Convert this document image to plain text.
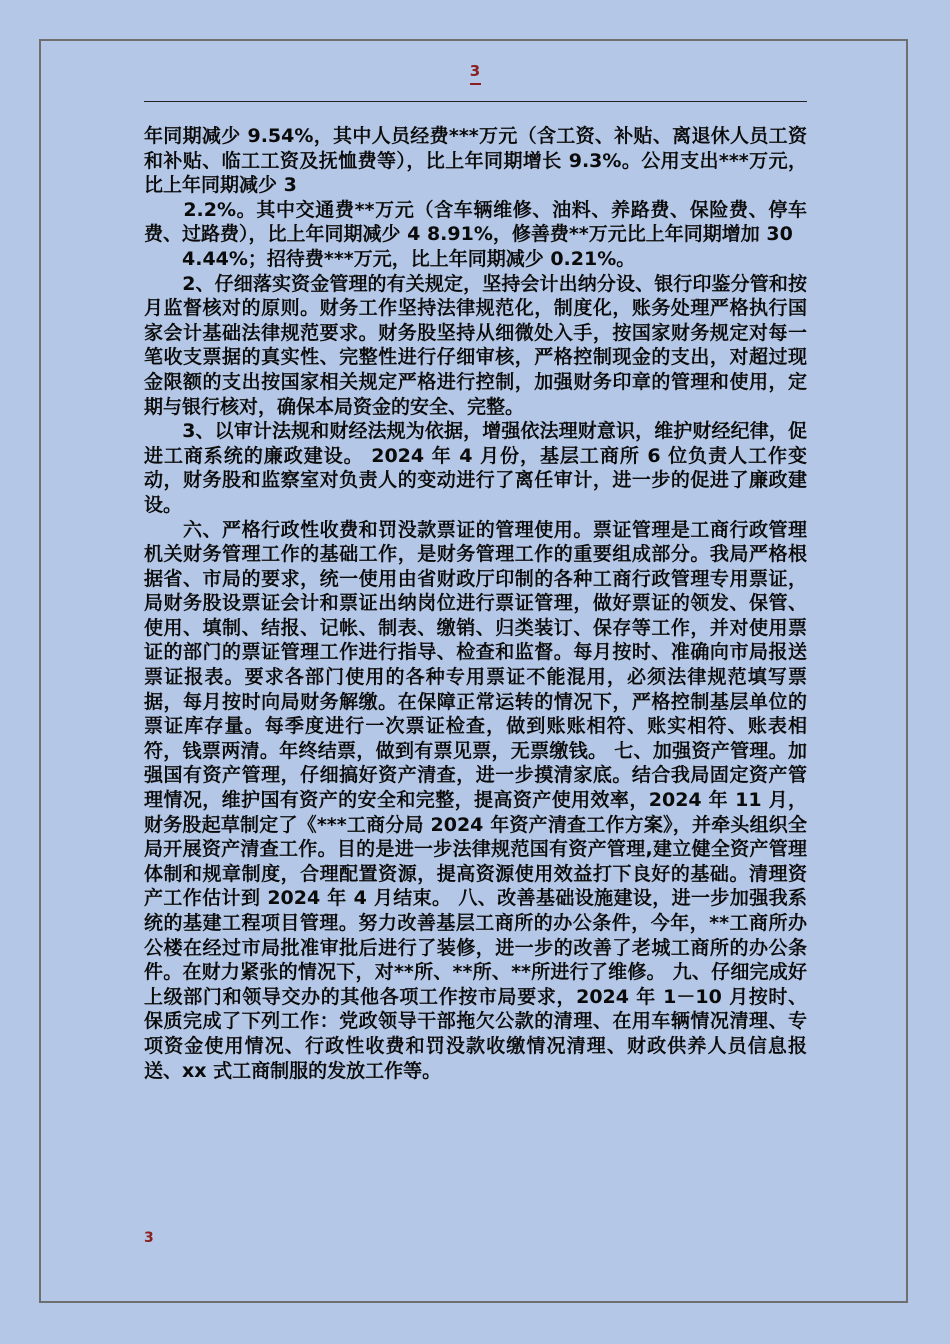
3

年同期减少 9.54%，其中人员经费***万元（含工资、补贴、离退休人员工资和补贴、临工工资及抚恤费等），比上年同期增长 9.3%。公用支出***万元，比上年同期减少 3

　　2.2%。其中交通费**万元（含车辆维修、油料、养路费、保险费、停车费、过路费），比上年同期减少 4 8.91%，修善费**万元比上年同期增加 30

　　4.44%；招待费***万元，比上年同期减少 0.21%。

　　2、仔细落实资金管理的有关规定，坚持会计出纳分设、银行印鉴分管和按月监督核对的原则。财务工作坚持法律规范化，制度化，账务处理严格执行国家会计基础法律规范要求。财务股坚持从细微处入手，按国家财务规定对每一笔收支票据的真实性、完整性进行仔细审核，严格控制现金的支出，对超过现金限额的支出按国家相关规定严格进行控制，加强财务印章的管理和使用，定期与银行核对，确保本局资金的安全、完整。

　　3、以审计法规和财经法规为依据，增强依法理财意识，维护财经纪律，促进工商系统的廉政建设。 2024 年 4 月份，基层工商所 6 位负责人工作变动，财务股和监察室对负责人的变动进行了离任审计，进一步的促进了廉政建设。

　　六、严格行政性收费和罚没款票证的管理使用。票证管理是工商行政管理机关财务管理工作的基础工作，是财务管理工作的重要组成部分。我局严格根据省、市局的要求，统一使用由省财政厅印制的各种工商行政管理专用票证，局财务股设票证会计和票证出纳岗位进行票证管理，做好票证的领发、保管、使用、填制、结报、记帐、制表、缴销、归类装订、保存等工作，并对使用票证的部门的票证管理工作进行指导、检查和监督。每月按时、准确向市局报送票证报表。要求各部门使用的各种专用票证不能混用，必须法律规范填写票据，每月按时向局财务解缴。在保障正常运转的情况下，严格控制基层单位的票证库存量。每季度进行一次票证检查，做到账账相符、账实相符、账表相符，钱票两清。年终结票，做到有票见票，无票缴钱。 七、加强资产管理。加强国有资产管理，仔细搞好资产清查，进一步摸清家底。结合我局固定资产管理情况，维护国有资产的安全和完整，提高资产使用效率，2024 年 11 月，财务股起草制定了《***工商分局 2024 年资产清查工作方案》，并牵头组织全局开展资产清查工作。目的是进一步法律规范国有资产管理,建立健全资产管理体制和规章制度，合理配置资源，提高资源使用效益打下良好的基础。清理资产工作估计到 2024 年 4 月结束。 八、改善基础设施建设，进一步加强我系统的基建工程项目管理。努力改善基层工商所的办公条件，今年，**工商所办公楼在经过市局批准审批后进行了装修，进一步的改善了老城工商所的办公条件。在财力紧张的情况下，对**所、**所、**所进行了维修。 九、仔细完成好上级部门和领导交办的其他各项工作按市局要求，2024 年 1－10 月按时、保质完成了下列工作：党政领导干部拖欠公款的清理、在用车辆情况清理、专项资金使用情况、行政性收费和罚没款收缴情况清理、财政供养人员信息报送、xx 式工商制服的发放工作等。

3
